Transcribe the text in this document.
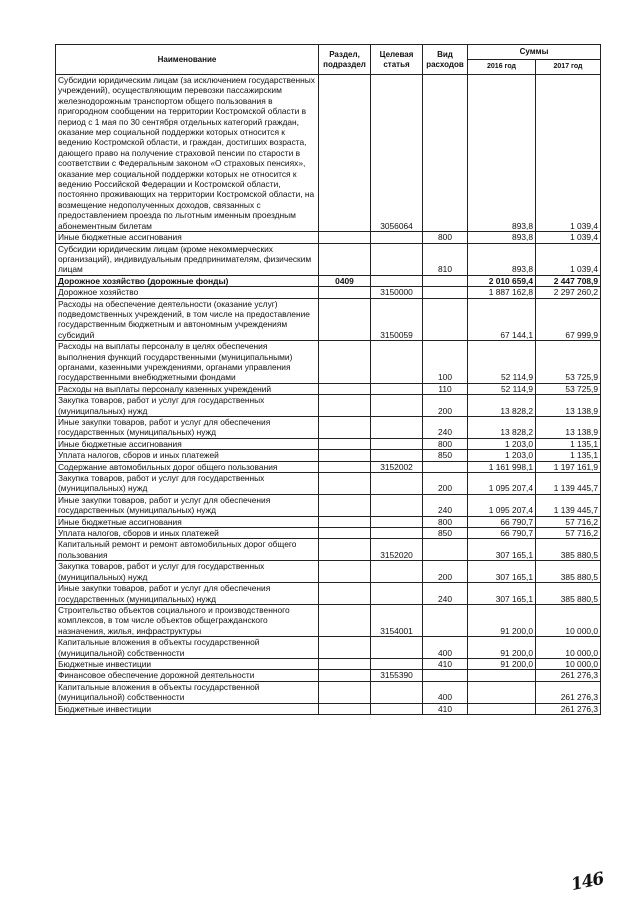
Наименование	Раздел, подраздел	Целевая статья	Вид расходов	Суммы	
				2016 год	2017 год

Субсидии юридическим лицам (за исключением государственных учреждений), осуществляющим перевозки пассажирским железнодорожным транспортом общего пользования в пригородном сообщении на территории Костромской области в период с 1 мая по 30 сентября отдельных категорий граждан, оказание мер социальной поддержки которых относится к ведению Костромской области, и граждан, достигших возраста, дающего право на получение страховой пенсии по старости в соответствии с Федеральным законом «О страховых пенсиях», оказание мер социальной поддержки которых не относится к ведению Российской Федерации и Костромской области, постоянно проживающих на территории Костромской области, на возмещение недополученных доходов, связанных с предоставлением проезда по льготным именным проездным абонементным билетам		3056064		893,8	1 039,4

Иные бюджетные ассигнования			800	893,8	1 039,4

Субсидии юридическим лицам (кроме некоммерческих организаций), индивидуальным предпринимателям, физическим лицам			810	893,8	1 039,4

Дорожное хозяйство (дорожные фонды)	0409			2 010 659,4	2 447 708,9

Дорожное хозяйство		3150000		1 887 162,8	2 297 260,2

Расходы на обеспечение деятельности (оказание услуг) подведомственных учреждений, в том числе на предоставление государственным бюджетным и автономным учреждениям субсидий		3150059		67 144,1	67 999,9

Расходы на выплаты персоналу в целях обеспечения выполнения функций государственными (муниципальными) органами, казенными учреждениями, органами управления государственными внебюджетными фондами			100	52 114,9	53 725,9

Расходы на выплаты персоналу казенных учреждений			110	52 114,9	53 725,9

Закупка товаров, работ и услуг для государственных (муниципальных) нужд			200	13 828,2	13 138,9

Иные закупки товаров, работ и услуг для обеспечения государственных (муниципальных) нужд			240	13 828,2	13 138,9

Иные бюджетные ассигнования			800	1 203,0	1 135,1

Уплата налогов, сборов и иных платежей			850	1 203,0	1 135,1

Содержание автомобильных дорог общего пользования		3152002		1 161 998,1	1 197 161,9

Закупка товаров, работ и услуг для государственных (муниципальных) нужд			200	1 095 207,4	1 139 445,7

Иные закупки товаров, работ и услуг для обеспечения государственных (муниципальных) нужд			240	1 095 207,4	1 139 445,7

Иные бюджетные ассигнования			800	66 790,7	57 716,2

Уплата налогов, сборов и иных платежей			850	66 790,7	57 716,2

Капитальный ремонт и ремонт автомобильных дорог общего пользования		3152020		307 165,1	385 880,5

Закупка товаров, работ и услуг для государственных (муниципальных) нужд			200	307 165,1	385 880,5

Иные закупки товаров, работ и услуг для обеспечения государственных (муниципальных) нужд			240	307 165,1	385 880,5

Строительство объектов социального и производственного комплексов, в том числе объектов общегражданского назначения, жилья, инфраструктуры		3154001		91 200,0	10 000,0

Капитальные вложения в объекты государственной (муниципальной) собственности			400	91 200,0	10 000,0

Бюджетные инвестиции			410	91 200,0	10 000,0

Финансовое обеспечение дорожной деятельности		3155390			261 276,3

Капитальные вложения в объекты государственной (муниципальной) собственности			400		261 276,3

Бюджетные инвестиции			410		261 276,3
146
